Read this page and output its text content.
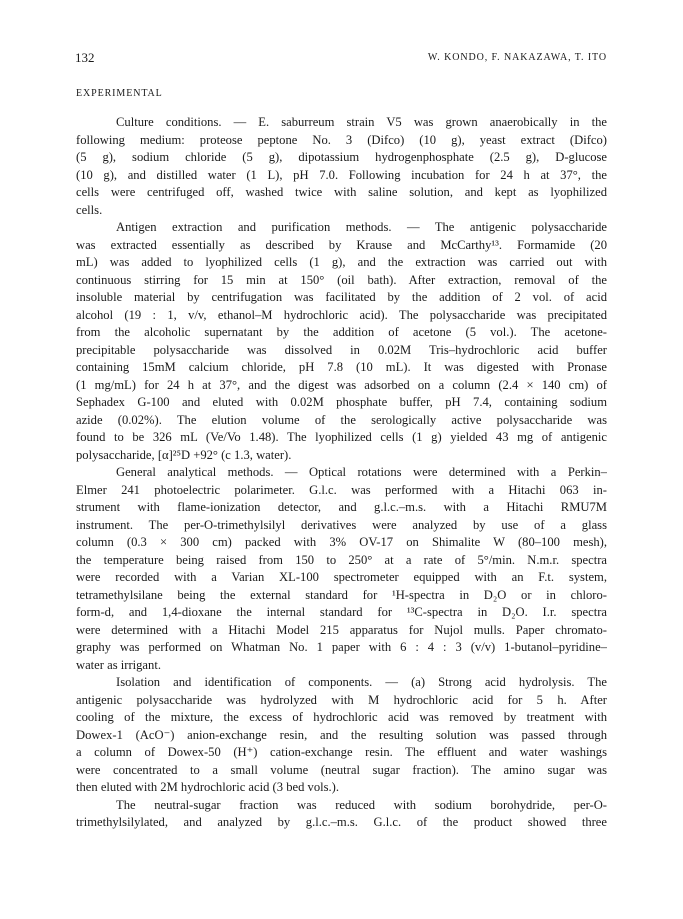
132	W. KONDO, F. NAKAZAWA, T. ITO
EXPERIMENTAL
Culture conditions. — E. saburreum strain V5 was grown anaerobically in the
following medium: proteose peptone No. 3 (Difco) (10 g), yeast extract (Difco)
(5 g), sodium chloride (5 g), dipotassium hydrogenphosphate (2.5 g), D-glucose
(10 g), and distilled water (1 L), pH 7.0. Following incubation for 24 h at 37°, the
cells were centrifuged off, washed twice with saline solution, and kept as lyophilized
cells.
Antigen extraction and purification methods. — The antigenic polysaccharide
was extracted essentially as described by Krause and McCarthy¹³. Formamide (20
mL) was added to lyophilized cells (1 g), and the extraction was carried out with
continuous stirring for 15 min at 150° (oil bath). After extraction, removal of the
insoluble material by centrifugation was facilitated by the addition of 2 vol. of acid
alcohol (19 : 1, v/v, ethanol–M hydrochloric acid). The polysaccharide was precipitated
from the alcoholic supernatant by the addition of acetone (5 vol.). The acetone-
precipitable polysaccharide was dissolved in 0.02M Tris–hydrochloric acid buffer
containing 15mM calcium chloride, pH 7.8 (10 mL). It was digested with Pronase
(1 mg/mL) for 24 h at 37°, and the digest was adsorbed on a column (2.4 × 140 cm) of
Sephadex G-100 and eluted with 0.02M phosphate buffer, pH 7.4, containing sodium
azide (0.02%). The elution volume of the serologically active polysaccharide was
found to be 326 mL (Ve/Vo 1.48). The lyophilized cells (1 g) yielded 43 mg of antigenic
polysaccharide, [α]²⁵D +92° (c 1.3, water).
General analytical methods. — Optical rotations were determined with a Perkin–
Elmer 241 photoelectric polarimeter. G.l.c. was performed with a Hitachi 063 in-
strument with flame-ionization detector, and g.l.c.–m.s. with a Hitachi RMU7M
instrument. The per-O-trimethylsilyl derivatives were analyzed by use of a glass
column (0.3 × 300 cm) packed with 3% OV-17 on Shimalite W (80–100 mesh),
the temperature being raised from 150 to 250° at a rate of 5°/min. N.m.r. spectra
were recorded with a Varian XL-100 spectrometer equipped with an F.t. system,
tetramethylsilane being the external standard for ¹H-spectra in D₂O or in chloro-
form-d, and 1,4-dioxane the internal standard for ¹³C-spectra in D₂O. I.r. spectra
were determined with a Hitachi Model 215 apparatus for Nujol mulls. Paper chromato-
graphy was performed on Whatman No. 1 paper with 6 : 4 : 3 (v/v) 1-butanol–pyridine–
water as irrigant.
Isolation and identification of components. — (a) Strong acid hydrolysis. The
antigenic polysaccharide was hydrolyzed with M hydrochloric acid for 5 h. After
cooling of the mixture, the excess of hydrochloric acid was removed by treatment with
Dowex-1 (AcO⁻) anion-exchange resin, and the resulting solution was passed through
a column of Dowex-50 (H⁺) cation-exchange resin. The effluent and water washings
were concentrated to a small volume (neutral sugar fraction). The amino sugar was
then eluted with 2M hydrochloric acid (3 bed vols.).
The neutral-sugar fraction was reduced with sodium borohydride, per-O-
trimethylsilylated, and analyzed by g.l.c.–m.s. G.l.c. of the product showed three
